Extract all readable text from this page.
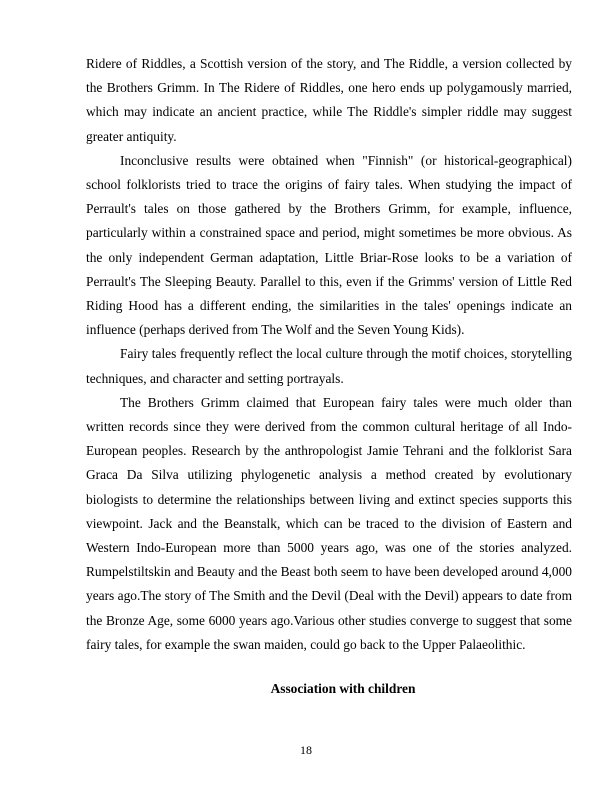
Ridere of Riddles, a Scottish version of the story, and The Riddle, a version collected by the Brothers Grimm. In The Ridere of Riddles, one hero ends up polygamously married, which may indicate an ancient practice, while The Riddle's simpler riddle may suggest greater antiquity.

Inconclusive results were obtained when "Finnish" (or historical-geographical) school folklorists tried to trace the origins of fairy tales. When studying the impact of Perrault's tales on those gathered by the Brothers Grimm, for example, influence, particularly within a constrained space and period, might sometimes be more obvious. As the only independent German adaptation, Little Briar-Rose looks to be a variation of Perrault's The Sleeping Beauty. Parallel to this, even if the Grimms' version of Little Red Riding Hood has a different ending, the similarities in the tales' openings indicate an influence (perhaps derived from The Wolf and the Seven Young Kids).

Fairy tales frequently reflect the local culture through the motif choices, storytelling techniques, and character and setting portrayals.

The Brothers Grimm claimed that European fairy tales were much older than written records since they were derived from the common cultural heritage of all Indo-European peoples. Research by the anthropologist Jamie Tehrani and the folklorist Sara Graca Da Silva utilizing phylogenetic analysis a method created by evolutionary biologists to determine the relationships between living and extinct species supports this viewpoint. Jack and the Beanstalk, which can be traced to the division of Eastern and Western Indo-European more than 5000 years ago, was one of the stories analyzed. Rumpelstiltskin and Beauty and the Beast both seem to have been developed around 4,000 years ago.The story of The Smith and the Devil (Deal with the Devil) appears to date from the Bronze Age, some 6000 years ago.Various other studies converge to suggest that some fairy tales, for example the swan maiden, could go back to the Upper Palaeolithic.

Association with children
18
